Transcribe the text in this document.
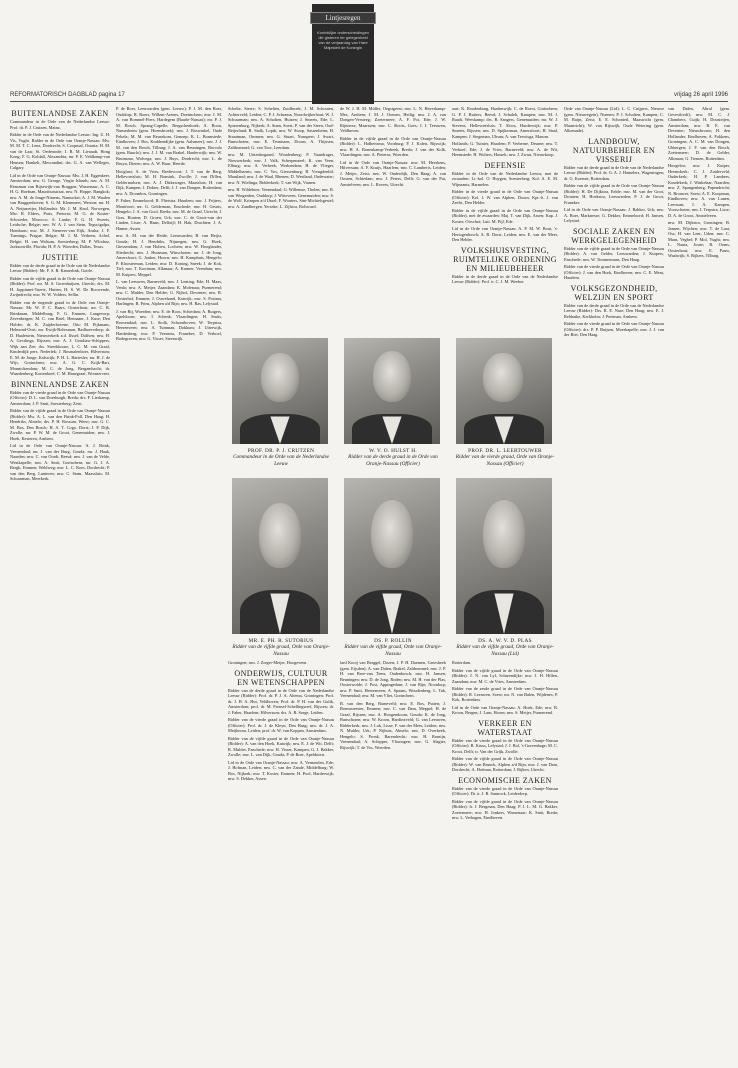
REFORMATORISCH DAGBLAD pagina 17	vrijdag 26 april 1996
Lintjesregen
Koninklijke onderscheidingen die gisteren ter gelegenheid van de verjaardag van Hare Majesteit de Koningin
BUITENLANDSE ZAKEN

Commandeur in de Orde van de Nederlandse Leeuw: Prof. dr. P. J. Crutzen, Mainz.

Ridder in de Orde van de Nederlandse Leeuw: Ing. U. H. Vis, Vught. Ridder in de Orde van Oranje-Nassau: Mw. M. M. T. C. Lenz, Dordrecht; S. Coopmal, Ostaria; H. M. van de Laar, St. Oedenrode; J. R. M. Lieraadt, Hong Kong; F. G. Koldall, Alexandria; mr. P. E. Veldkamp-van Heusen; Hankeli, Mescandini; drs. G. A. van Welleges, Calgary.

Lid in de Orde van Oranje-Nassau: Mw. J. H. Eggenkeer, Amsterdam; mw. G. George, Virgin Islands; mw. A. M. Rensman van Rijsewijk-van Bruggen; Wassenaar; A. C. H. G. Hoefnan, Mauritiusstraat, mw. N. Hoppe, Bangkok; mw. A. M. de Jonge-Nimens, Nantucket; A. J. M. Waalen van Bruggenhoven; S. G. M. Klemmers, Weston; mr. H. A. Neijsmeijer, Hollandstr. Mr. J. M. Knol, Norwegen, Mw. R. Elders, Paris, Pretoria; M. G. de Koster-Schroeder, Morocco; S. Lanke; F. G. H. Sweets, Leidsche; Belgie; mw. W. A. J. van Stein, Tegucigalpa, Honduras; mw. M. J. Stenvers-van Eijk, Aruba; J. F. Tuenings, Prague, Belgie; M. J. M. Verbeen, Achel, Belgie; H. van Walsum, Soesterberg; M. P. Wlodarz, Jacksonville, Florida; H. P. A. Woerden, Dallas, Texas.

JUSTITIE

Ridder van de derde graad in de Orde van de Nederlandse Leeuw (Ridder): Mr. F. S. R. Kamerlink, Goirle.

Ridder van de vijfde graad in de Orde van Oranje-Nassau (Ridder): Prof. mr. M. S. Groenhuijsen, Utrecht; drs. M. H. Joppinnet-Tuerie, Hutten; H. S. W. De Roowende, Zwijndrecht; mw. W. W. Volders, Sellin.

Ridder van de negende graad in de Orde van Oranje-Nassau: Mr. W. F. C. Baars, Oosterhout; mr. C. R. Brinkman, Middelburg; F. G. Emmen, Langevorp; Zevenbergen; M. C. van Briel, Hennaaer, J. Kuse; Den Holder; dr. K. Zuijderhovene, Otto M. Pijkmans, Helmond-Oost; mr. Ewijk-Bohrsman, Badhoevedorp; dr. D. Haalestein, Nieuwerkerk a.d. IJssel; Dalfsen; mw. H. A. Gecrlings, Rijssen; mw. A. J. Goudiaw-Schippers, Wijk aan Zee; drs. Streekhouse, L. C. M. van Graaf, Kinderdijk pers. Nederlek; J. Bosmalenboer, Hilversum; E. M. de Jonge, Kalswijk; P. H. L. Hartesler; mr. H. J. de Wijs, Gorinchem; mw. A. G. C. Krijk-Bart, Monnickendam; M. C. de Jong, Bergambacht; dr. Waardenberg, Kortenhoef; C. M. Hanegraaf, Wormerveer.

BINNENLANDSE ZAKEN

Ridder van de vierde graad in de Orde van Oranje-Nassau (Officier): D. L. van Doesburgh, Breda; drs. F. Lieskamp, Amsterdam; J. P. Smit, Soesterberg; Zeist.

Ridder van de vijfde graad in de Orde van Oranje-Nassau (Ridder): Mw. A. L. van den Brink-Poll, Den Haag; H. Hendriks, Almelo; drs. P. H. Rossum, Weert; mw. G. C. M. Bos, Den Bosch; H. A. T. Cogo, Dorst; J. P. Dijk, Zwolle; mr. P. W. M. de Groot, Genemuiden; mw. J. Hoek, Kesteren, Arnhem.

Lid in de Orde van Oranje-Nassau: A. J. Brink, Veenendaal; mr. J. van der Burg, Gouda; mr. J. Haak, Naarden; mw. C. van Oordt, Beesd; mw. J. van de Velde, Westkapelle; mw. A. Smit, Gorinchem; mr. G. J. A. Bergh, Emmen; Wehlweg; mw. L. C. Roes, Dordrecht; P. van den Berg, Lunteren; mw. C. Stam, Maassluis; M. Schuurman, Meerkerk.

P. de Boer, Leeuwarden (gem. Leeuw); P. J. M. den Boer, Ouddorp; R. Boers, Willem-Arenes, Doetinchem; mw. J. M. A. van Bommel-Fiers, Hardegem (Baarle-Nassau); mr. P. J. M. Bosch, Sprang-Capelle, Bergschenhoek; A. Boon, Numesheim (gem. Hoensbroek); mw. J. Boswinkel, Oude Pekela; M. M. van Beusekom, Gennep; K. L. Bonnstede, Eindhoven; J. Bos, Krabbendijke (gem. Aalsmeer); mw. J. J. M. van den Bosch, Tilburg; I. A. van Beuningen, Borculo (gem. Ruurlo); mw. J. J. M. van Brakel, Harderwijk; mw. W. Bruinsma, Wolvega; mw. J. Buys, Dordrecht; mw. L. de Bruyn, Dieren; mw. A. W. Buur, Heerde.

Hooglust; A. de Vries, Bredevoort; J. T. van de Berg, Hellevoetsluis; M. H. Bonsink, Zwolle; J. van Dillen, Geldermalsen; mw. A. J. Dirkzwager, Maassluis; H. van Dijk, Kampen; J. Dokter, Delft; J. J. van Dongen, Rotterdam; mw. A. Doornbos, Groningen.

P. Faber, Emmeloord; R. Flietstra, Haarlem; mw. J. Frijters, Montfoort; mr. G. Gelderman, Enschede; mw. H. Geurts, Hengelo; J. A. van Gool, Breda; mw. M. de Graaf, Utrecht; J. Gras, Houten; D. Groen, Urk; mw. C. de Groot-van der Linden, Lisse; A. Haan, Delfzijl; H. Hak, Drachten; J. A. Hamer, Assen.

mw. A. M. van der Heide, Leeuwarden; B. van Heijst, Gouda; H. J. Hendriks, Nijmegen; mw. G. Hoek, Giessendam; J. van Holten, Lochem; mw. W. Hooglander, Sliedrecht; mw. J. Huisman, Winschoten; mr. J. de Jong, Amersfoort; G. Jonker, Hoorn; mw. H. Kamphuis, Hengelo; P. Kloosterman, Leiden; mw. D. Koning, Sneek; J. de Kok, Tiel; mw. T. Kooiman, Alkmaar; A. Kramer, Veendam; mw. M. Kuipers, Meppel.

L. van Leeuwen, Barneveld; mw. J. Lenting, Ede; H. Maas, Venlo; mw. A. Meijer, Zaandam; K. Molenaar, Purmerend; mw. C. Mulder, Den Helder; G. Nijhof, Deventer; mw. R. Oosterhof, Emmen; J. Ouwehand, Katwijk; mw. S. Postma, Harlingen; B. Prins, Alphen a/d Rijn; mw. H. Ras, Lelystad.

J. van Rij, Woerden; mw. E. de Roos, Schiedam; A. Rutgers, Apeldoorn; mw. I. Schenk, Vlaardingen; H. Smits, Roosendaal; mw. L. Stolk, Schoonhoven; W. Terpstra, Heerenveen; mw. A. Tuinman, Dokkum; J. Uiterwijk, Hardenberg; mw. P. Veenstra, Franeker; D. Verhoef, Bodegraven; mw. G. Visser, Steenwijk.

Schelte, Sterre; S. Schelten, Zuidbroek; J. M. Schouten, Achterveld; Leiden; C. P. J. Schrama, Noordwijkerhout; W. J. Schuurman; mw. A. Scholten, Huizen; J. Smeets, Ede; L. Spierenburg, Nijkerk; A. Stam, Soest; P. van der Steen, Oud-Beijerland; R. Stolk, Lopik; mw. W. Stoop, Sassenheim; H. Straatman, Ommen; mw. G. Stuart, Nunspeet; J. Swart, Bunschoten; mw. E. Teunissen, Doorn; A. Thijssen, Zaltbommel; G. van Toor, Leerdam.

mw. M. Uittenbogaard, Woudenberg; P. Vaandrager, Nieuwerkerk; mw. J. Valk, Scherpenzeel; K. van Veen, Elburg; mw. A. Verbeek, Werkendam; H. de Vlieger, Middelharnis; mw. C. Vos, Giessenburg; B. Vreugdenhil, Maasland; mw. J. de Waal, Rhenen; D. Westland, Oudewater; mw. N. Wielinga, Ridderkerk; T. van Wijk, Vianen.

mw. H. Wildeboer, Veenendaal; G. Willemse, Tholen; mw. R. van Wingerden, Ouddorp; J. Witteveen, Genemuiden; mw. S. de Wolf, Krimpen a/d IJssel; F. Wouters, Sint-Michielsgestel; mw. A. Zandbergen, Yerseke; L. Zijlstra, Bolsward.

de W. J. H. M. Müller, Oegstgeest; mw. L. N. Haverkamp-Mes, Arnhem; J. M. J. Oomen, Heilig; mw. J. A. van Dongen-Versteeg; Zoetermeer; A. F. Pot, Ede; J. W. Rijnierse, Maarssen; mw. C. Sloots, Goes; J. J. Teeuwen, Veldhoven.

Ridder in de vijfde graad in de Orde van Oranje-Nassau (Ridder): L. Halbertsma, Voorburg; P. J. Kolen, Rijswijk; mw. H. A. Bonenkamp-Verbeek, Breda; J. van der Kolk, Vlaardingen; mw. A. Pieterse, Woerden.

Lid in de Orde van Oranje-Nassau: mw. M. Heerkens, Hilversum; A. F. Kruijs, Haarlem; mw. C. Lamberts, Leiden; J. Meijer, Zeist; mw. W. Onderdijk, Den Haag; A. van Oosten, Schiedam; mw. J. Peters, Delft; G. van der Put, Amstelveen; mw. L. Rovers, Utrecht.

aart; K. Roodenburg, Hardenwijk; C. de Roest, Gorinchem; G. P. J. Ruiters, Beesd; J. Schaleh, Kampen; mw. M. J. Raadt, Weeskamp; drs. B. Sangers, Genemuiden; mr. W. J. Stevens, Hellevoetsluis; T. Sloos, Harderwijk; mw. P. Smeets, Rijssen; mw. D. Spijkerman, Amersfoort; H. Staal, Kampen; J. Stegeman, Ulrum; A. van Terwisga, Marum.

Hollands; G. Tuinier, Haarlem; P. Verberne, Deurne; mw. T. Verhoef, Ede; J. de Vries, Barneveld; mw. A. de Wit, Heemstede; H. Wolters, Hasselt; mw. J. Zwart, Nieuwkoop.

DEFENSIE

Ridder in de Orde van de Nederlandse Leeuw, met de zwaarden: Lt.-kol. O. Huygen, Soesterberg; Kol. A. E. M. Wijnaants, Harmelen.

Ridder in de vierde graad in de Orde van Oranje-Nassau (Officier): Kol. J. W. van Alphen, Doorn; Kpt.-lt. J. van Zeelst, Den Helder.

Ridder in de vijfde graad in de Orde van Oranje-Nassau (Ridder), met de zwaarden: Maj. T. van Dijk, Assen; Kap. J. Koster, Oirschot; Luit. M. Pijl, Ede.

Lid in de Orde van Oranje-Nassau: A. P. M. W. Bout, 's-Hertogenbosch; A. B. Dorst, Leiden; mw. E. van der Meer, Den Helder.

VOLKSHUISVESTING, RUIMTELIJKE ORDENING EN MILIEUBEHEER

Ridder in de derde graad in de Orde van de Nederlandse Leeuw (Ridder): Prof. ir. C. J. M. Weeber.

Orde van Oranje-Nassau (Lid): L. C. Cuijpers, Nieuwe (gem. Nieuwegein), Nuenen; P. J. Scholten, Kampen; C. M. Raijn, Zeist; E. E. Schonteil, Maastricht (gem. Maastricht); W. van Rijswijk, Oude Wetering (gem. Alkemade).

LANDBOUW, NATUURBEHEER EN VISSERIJ

Ridder van de derde graad in de Orde van de Nederlandse Leeuw (Ridder): Prof. dr. G. A. J. Hamelers, Wageningen; dr. G. Koerner, Rotterdam.

Ridder van de vijfde graad in de Orde van Oranje-Nassau (Ridder): H. De Dijkstra, Eelde; mw. M. van der Goot, Dronten; H. Hoekstra, Leeuwarden; P. J. de Groot, Franeker.

Lid in de Orde van Oranje-Nassau: J. Bakker, Urk; mw. A. Boer, Marknesse; G. Dekker, Emmeloord; H. Jansen, Lelystad.

SOCIALE ZAKEN EN WERKGELEGENHEID

Ridder van de vijfde graad in de Orde van Oranje-Nassau (Ridder): A. van Gelder, Leeuwarden; J. Kuipers, Enschede; mw. W. Timmermans, Den Haag.

Ridder van de vierde graad in de Orde van Oranje-Nassau (Officier): J. van den Hurk, Eindhoven; mw. C. E. Ment, Haarlem.

VOLKSGEZONDHEID, WELZIJN EN SPORT

Ridder van de derde graad in de Orde van de Nederlandse Leeuw (Ridder): Drs. R. E. Nase, Den Haag; mw. E. J. Rebhatke, Kerkholm; J. Peetman, Arnhem.

Ridder van de vierde graad in de Orde van Oranje-Nassau (Officier): drs. P. P. Buijsen, Moerkapelle; mw. J. J. van der Riet, Den Haag.

van Dalen, Altral (gem. Gevestfordt); mw. M. C. J. Chambers, Cuijk; H. Dousteijen, Amsterdam; mw. B. E. van Deventer; Nieuwbrouw; H. den Hollander, Eindhoven; A. Fokkens, Groningen; A. C. M. van Dongen, Ubbergen; J. F. van den Bosch, Zoetermeer; D. de Gelder, Alkmaar; G. Tiemen, Rotterdam.

Hoogeloo; mw. J. Kuiper, Heemskerk; C. J. Zuiderveld, Ouderkerk; H. P. Lambers, Koudekerk; J. Winkelaar, Naarden; mw. Z. Spangenberg, Papendrecht; N. Brouwer, Soest; A. E. Koopman, Eindhoven; mw. A. van Lunen, Leersum; J. A. Kampen, Voorschoten; mw. I. Terpstra, Lisse; D. A. de Groot, Amstelveen.

mw. M. Dijkstra, Groningen; B. Jansen, Wijchen; mw. T. de Laat, Oss; H. van Lent, Uden; mw. C. Maas, Veghel; P. Mol, Vught; mw. L. Nauta, Joure; R. Ooms, Oosterhout; mw. E. Pauw, Waalwijk; S. Rijkers, Tilburg.

PROF. DR. P. J. CRUTZEN
Commandeur in de Orde van de Nederlandse Leeuw
W. V. O. HULST H.
Ridder van de derde graad in de Orde van Oranje-Nassau (Officier)
PROF. DR. L. LEERTOUWER
Ridder van de vierde graad, Orde van Oranje-Nassau (Officier)
MR. E. PH. R. SUTORIUS
Ridder van de vijfde graad, Orde van Oranje-Nassau
DS. P. ROLLIN
Ridder van de vijfde graad, Orde van Oranje-Nassau
DS. A. W. V. D. PLAS
Ridder van de vijfde graad, Orde van Oranje-Nassau (Lid)

Groningen; mw. J. Zieger-Meijer, Hoogeveen.

ONDERWIJS, CULTUUR EN WETENSCHAPPEN

Ridder van de derde graad in de Orde van de Nederlandse Leeuw (Ridder): Prof. dr. P. J. A. Altema, Groningen; Prof. dr. J. H. A. Hut, Veldhoven; Prof. dr. P. H. van der Gulik, Amsterdam; prof. dr. M. Frensel-Schellingwerf, Rijssen; dr. J. Faber, Haarlem; Hilversum; drs. A. R. Sorge, Leiden.

Ridder van de vierde graad in de Orde van Oranje-Nassau (Officier): Prof. dr. J. de Kleyn, Den Haag; mw. dr. J. A. Meijboom, Leiden; prof. dr. W. van Koppen, Amsterdam.

Ridder van de vijfde graad in de Orde van Oranje-Nassau (Ridder): A. van den Hoek, Katwijk; mw. E. J. de Wit, Delft; R. Mulder, Enschede; mw. H. Visser, Kampen; G. J. Bakker, Zwolle; mw. L. van Dijk, Gouda; P. de Boer, Apeldoorn.

Lid in de Orde van Oranje-Nassau: mw. A. Vermeulen, Ede; J. Hofman, Leiden; mw. C. van der Zande, Middelburg; W. Bos, Nijkerk; mw. T. Koster, Emmen; H. Pool, Harderwijk; mw. S. Dekker, Assen.

lard Kooij van Berggel, Dozen; J. P. H. Daemen, Groesbeek (gem. Eijsden); A. van Dalen, Brakel, Zaltbommel; mw. J. P. H. van Bree-van Tiens, Oudenbosch; mw. H. Jansen, Beuningen; mw. D. de Jong, Roden; mw. M. H. van der Plas, Oosterwolde; J. Post, Appingedam; J. van Rijn, Nootdorp; mw. P. Smit, Heerenveen; A. Spaans, Woudenberg; L. Tak, Veenendaal; mw. M. van Vliet, Gorinchem.

B. van den Berg, Barneveld; mw. E. Bos, Putten; J. Bouwmeester, Emmen; mw. C. van Dam, Meppel; H. de Graaf, Rijssen; mw. A. Hoogendoorn, Gouda; K. de Jong, Bunschoten; mw. W. Kroon, Hardinxveld; G. van Leeuwen, Ridderkerk; mw. J. Lok, Lisse; F. van der Meer, Leiden; mw. N. Mulder, Urk; P. Nijhuis, Almelo; mw. D. Overbeek, Hengelo; S. Pronk, Barendrecht; mw. H. Romijn, Veenendaal; A. Schipper, Vlissingen; mw. G. Slagter, Rijswijk; T. de Vos, Woerden.

Rotterdam.

Ridder van de vijfde graad in de Orde van Oranje-Nassau (Ridder): J. N. van Lyl, Scharendijke; mw. J. H. Hillen, Zaandam; mw. M. C. de Vries, Amsterdam.

Ridder van de zesde graad in de Orde van Oranje-Nassau (Ridder): R. Leeuwen, Soest; mr. N. van Balen, Wijdenes; P. Kok, Rotterdam.

Lid in de Orde van Oranje-Nassau: A. Hoek, Ede; mw. B. Kroon, Bergen; J. Lam, Hoorn; mw. S. Meijer, Purmerend.

VERKEER EN WATERSTAAT

Ridder van de vierde graad in de Orde van Oranje-Nassau (Officier): B. Kruss, Lelystad; J. J. Bol, 's-Gravenhage; M. C. Krooi, Delft; ir. Van der Grijk, Zwolle.

Ridder van de vijfde graad in de Orde van Oranje-Nassau (Ridder): W. van Brunck, Alphen a/d Rijn; mw. J. van Dam, Dordrecht; A. Hofman, Rotterdam; J. Rijken, Utrecht.

ECONOMISCHE ZAKEN

Ridder van de vierde graad in de Orde van Oranje-Nassau (Officier): Dr. ir. J. R. Santrock, Leiderdorp.

Ridder van de vijfde graad in de Orde van Oranje-Nassau (Ridder): Ir. J. Bergman, Den Haag; P. J. L. M. G. Bakker, Zoetermeer; mw. H. Jonkers, Wassenaar; K. Smit, Breda; mw. L. Verhagen, Eindhoven.
